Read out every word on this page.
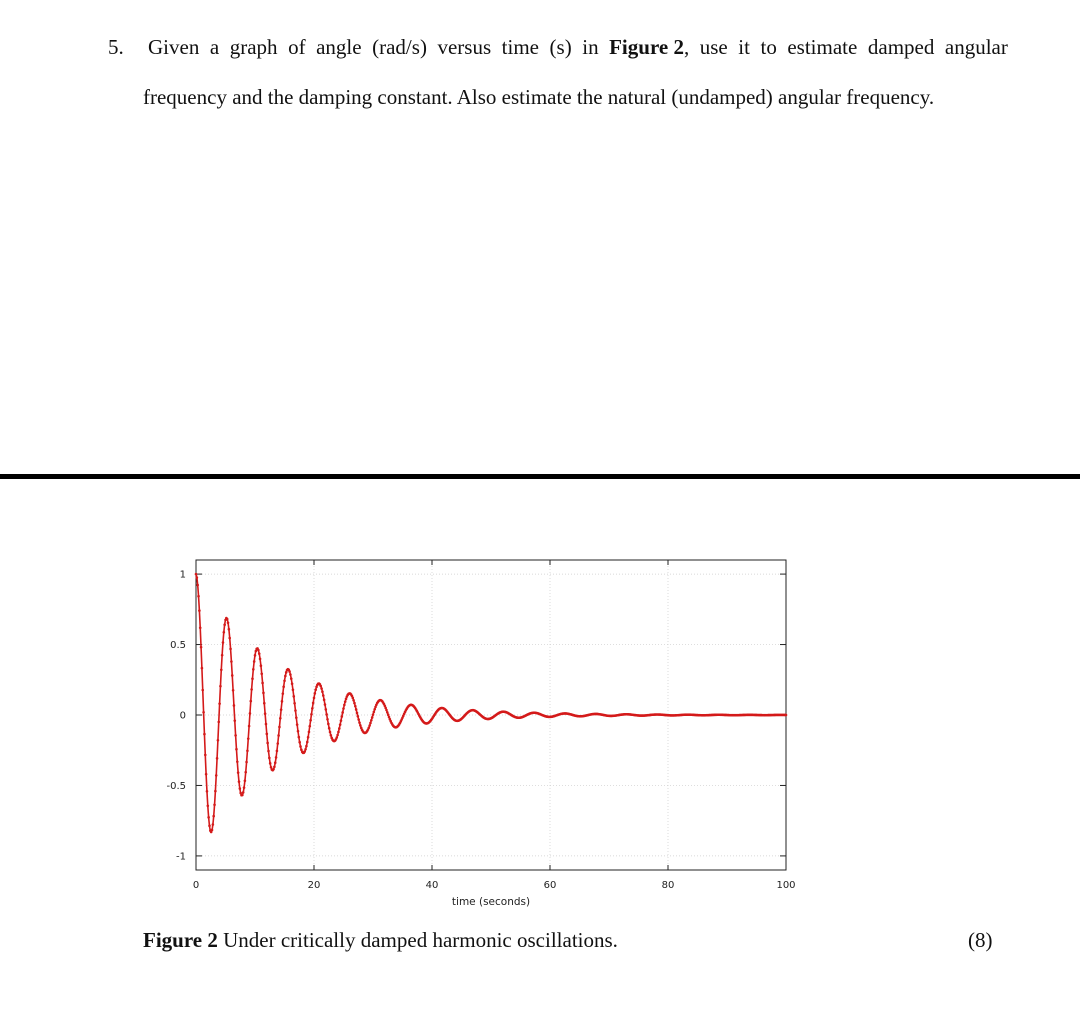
5.	Given a graph of angle (rad/s) versus time (s) in Figure 2, use it to estimate damped angular
frequency and the damping constant. Also estimate the natural (undamped) angular frequency.
0	20	40	60	80	100
1
0.5
0
-0.5
-1
time (seconds)
Figure 2 Under critically damped harmonic oscillations.	(8)
